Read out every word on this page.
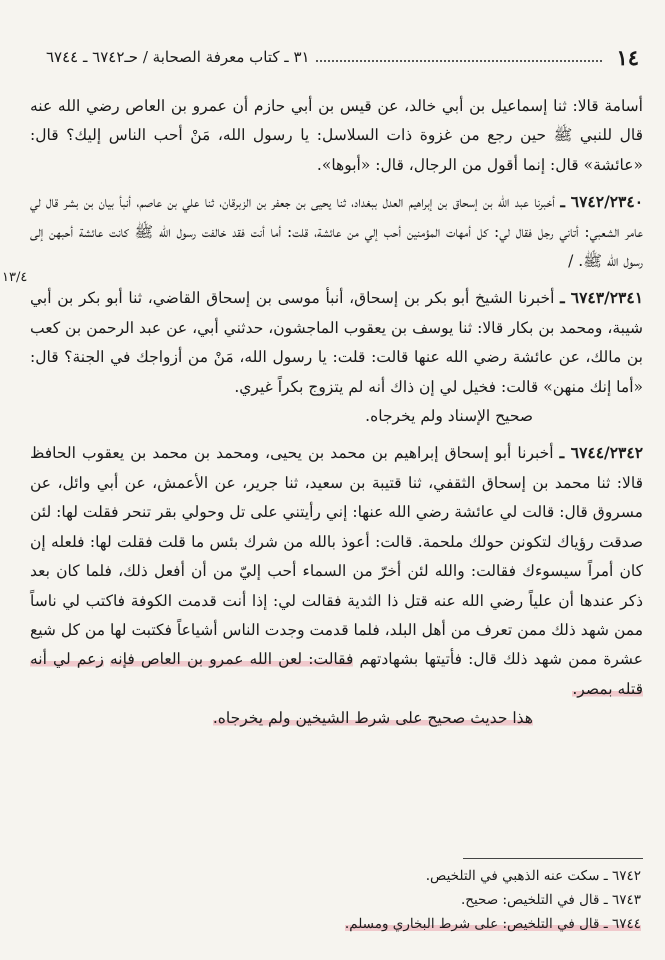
١٤
٣١ ـ كتاب معرفة الصحابة / حـ٦٧٤٢ ـ ٦٧٤٤
١٣/٤

أسامة قالا: ثنا إسماعيل بن أبي خالد، عن قيس بن أبي حازم أن عمرو بن العاص رضي الله عنه قال للنبي ﷺ حين رجع من غزوة ذات السلاسل: يا رسول الله، مَنْ أحب الناس إليك؟ قال: «عائشة» قال: إنما أقول من الرجال، قال: «أبوها».

٦٧٤٢/٢٣٤٠ ـ أخبرنا عبد الله بن إسحاق بن إبراهيم العدل ببغداد، ثنا يحيى بن جعفر بن الزبرقان، ثنا علي بن عاصم، أنبأ بيان بن بشر قال لي عامر الشعبي: أتاني رجل فقال لي: كل أمهات المؤمنين أحب إلي من عائشة، قلت: أما أنت فقد خالفت رسول الله ﷺ كانت عائشة أحبهن إلى رسول الله ﷺ. /

٦٧٤٣/٢٣٤١ ـ أخبرنا الشيخ أبو بكر بن إسحاق، أنبأ موسى بن إسحاق القاضي، ثنا أبو بكر بن أبي شيبة، ومحمد بن بكار قالا: ثنا يوسف بن يعقوب الماجشون، حدثني أبي، عن عبد الرحمن بن كعب بن مالك، عن عائشة رضي الله عنها قالت: قلت: يا رسول الله، مَنْ من أزواجك في الجنة؟ قال: «أما إنك منهن» قالت: فخيل لي إن ذاك أنه لم يتزوج بكراً غيري.

صحيح الإسناد ولم يخرجاه.

٦٧٤٤/٢٣٤٢ ـ أخبرنا أبو إسحاق إبراهيم بن محمد بن يحيى، ومحمد بن محمد بن يعقوب الحافظ قالا: ثنا محمد بن إسحاق الثقفي، ثنا قتيبة بن سعيد، ثنا جرير، عن الأعمش، عن أبي وائل، عن مسروق قال: قالت لي عائشة رضي الله عنها: إني رأيتني على تل وحولي بقر تنحر فقلت لها: لئن صدقت رؤياك لتكونن حولك ملحمة. قالت: أعوذ بالله من شرك بئس ما قلت فقلت لها: فلعله إن كان أمراً سيسوءك فقالت: والله لئن أخرّ من السماء أحب إليّ من أن أفعل ذلك، فلما كان بعد ذكر عندها أن علياً رضي الله عنه قتل ذا الثدية فقالت لي: إذا أنت قدمت الكوفة فاكتب لي ناساً ممن شهد ذلك ممن تعرف من أهل البلد، فلما قدمت وجدت الناس أشياعاً فكتبت لها من كل شيع عشرة ممن شهد ذلك قال: فأتيتها بشهادتهم فقالت: لعن الله عمرو بن العاص فإنه زعم لي أنه قتله بمصر.

هذا حديث صحيح على شرط الشيخين ولم يخرجاه.

٦٧٤٢ ـ سكت عنه الذهبي في التلخيص.
٦٧٤٣ ـ قال في التلخيص: صحيح.
٦٧٤٤ ـ قال في التلخيص: على شرط البخاري ومسلم.
